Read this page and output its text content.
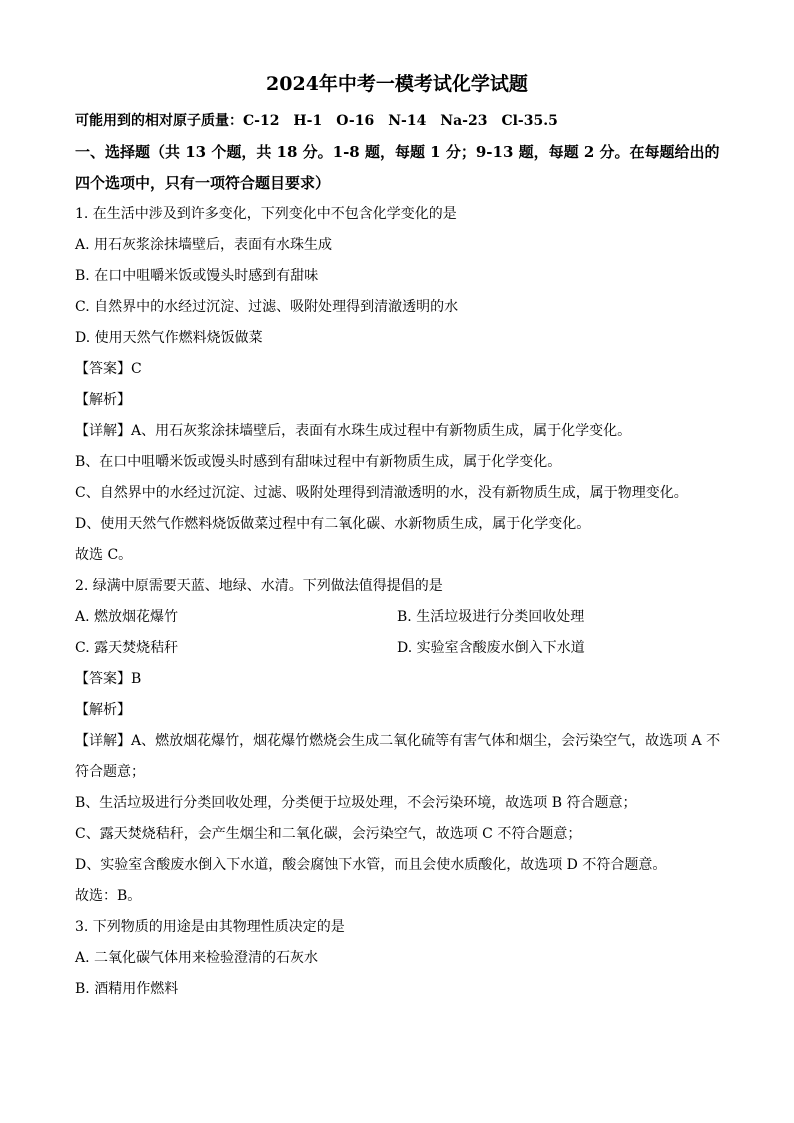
2024年中考一模考试化学试题
可能用到的相对原子质量：C-12　H-1　O-16　N-14　Na-23　Cl-35.5
一、选择题（共 13 个题，共 18 分。1-8 题，每题 1 分；9-13 题，每题 2 分。在每题给出的
四个选项中，只有一项符合题目要求）
1. 在生活中涉及到许多变化，下列变化中不包含化学变化的是
A. 用石灰浆涂抹墙壁后，表面有水珠生成
B. 在口中咀嚼米饭或馒头时感到有甜味
C. 自然界中的水经过沉淀、过滤、吸附处理得到清澈透明的水
D. 使用天然气作燃料烧饭做菜
【答案】C
【解析】
【详解】A、用石灰浆涂抹墙壁后，表面有水珠生成过程中有新物质生成，属于化学变化。
B、在口中咀嚼米饭或馒头时感到有甜味过程中有新物质生成，属于化学变化。
C、自然界中的水经过沉淀、过滤、吸附处理得到清澈透明的水，没有新物质生成，属于物理变化。
D、使用天然气作燃料烧饭做菜过程中有二氧化碳、水新物质生成，属于化学变化。
故选 C。
2. 绿满中原需要天蓝、地绿、水清。下列做法值得提倡的是
A. 燃放烟花爆竹	B. 生活垃圾进行分类回收处理
C. 露天焚烧秸秆	D. 实验室含酸废水倒入下水道
【答案】B
【解析】
【详解】A、燃放烟花爆竹，烟花爆竹燃烧会生成二氧化硫等有害气体和烟尘，会污染空气，故选项 A 不
符合题意；
B、生活垃圾进行分类回收处理，分类便于垃圾处理，不会污染环境，故选项 B 符合题意；
C、露天焚烧秸秆，会产生烟尘和二氧化碳，会污染空气，故选项 C 不符合题意；
D、实验室含酸废水倒入下水道，酸会腐蚀下水管，而且会使水质酸化，故选项 D 不符合题意。
故选：B。
3. 下列物质的用途是由其物理性质决定的是
A. 二氧化碳气体用来检验澄清的石灰水
B. 酒精用作燃料
